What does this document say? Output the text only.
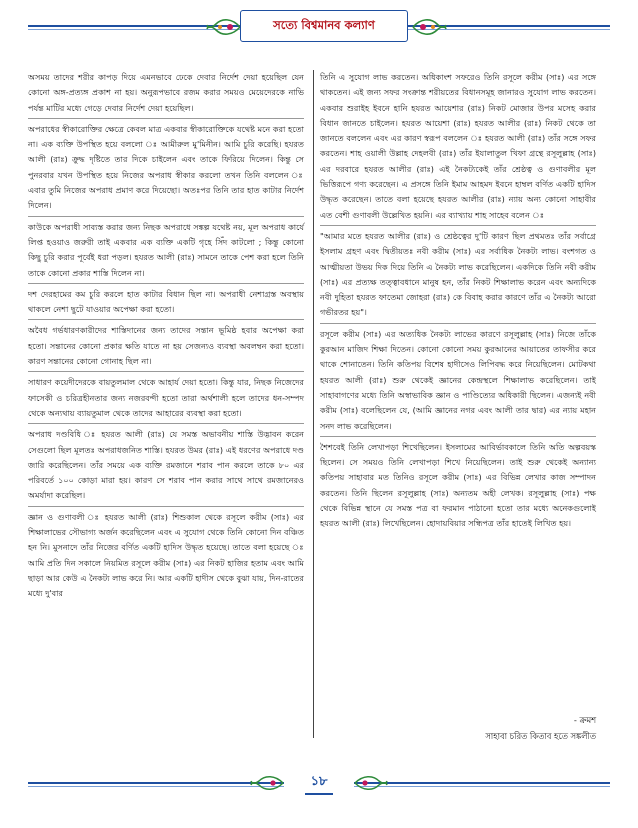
সত্যে বিশ্বমানব কল্যাণ

অসময় তাদের শরীর কাপড় দিয়ে এমনভাবে ঢেকে দেবার নির্দেশ দেয়া হয়েছিল যেন কোনো অঙ্গ-প্রত্যঙ্গ প্রকাশ না হয়। অনুরূপভাবে রজম করার সময়ও মেয়েদেরকে নাভি পর্যন্ত মাটির মধ্যে গেড়ে দেবার নির্দেশ দেয়া হয়েছিল।

অপরাধের স্বীকারোক্তির ক্ষেত্রে কেবল মাত্র একবার স্বীকারোক্তিকে যথেষ্ট মনে করা হতো না। এক ব্যক্তি উপস্থিত হয়ে বললো ঃ আমীরুল মু'মিনীন। আমি চুরি করেছি। হযরত আলী (রাঃ) ক্রুদ্ধ দৃষ্টিতে তার দিকে চাইলেন এবং তাকে ফিরিয়ে দিলেন। কিন্তু সে পুনরবার যখন উপস্থিত হয়ে নিজের অপরাধ স্বীকার করলো তখন তিনি বললেন ঃ এবার তুমি নিজের অপরাধ প্রমাণ করে দিয়েছো। অতঃপর তিনি তার হাত কাটার নির্দেশ দিলেন।

কাউকে অপরাধী সাব্যস্ত করার জন্য নিছক অপরাধে সঙ্কল্প যথেষ্ট নয়, মূল অপরাধ কার্যে লিপ্ত হওয়াও জরুরী তাই একবার এক ব্যক্তি একটি গৃহে সিঁদ কাটলো ; কিন্তু কোনো কিছু চুরি করার পূর্বেই ধরা পড়ল। হযরত আলী (রাঃ) সামনে তাকে পেশ করা হলে তিনি তাকে কোনো প্রকার শাস্তি দিলেন না।

দশ দেরহামের কম চুরি করলে হাত কাটার বিধান ছিল না। অপরাধী নেশাগ্রস্ত অবস্থায় থাকলে নেশা ছুটে যাওয়ার অপেক্ষা করা হতো।

অবৈধ গর্ভধারণকারীদের শাস্তিদানের জন্য তাদের সন্তান ভূমিষ্ঠ হবার অপেক্ষা করা হতো। সন্তানের কোনো প্রকার ক্ষতি যাতে না হয় সেজন্যও ব্যবস্থা অবলম্বন করা হতো। কারণ সন্তানের কোনো গোনাহ ছিল না।

সাধারণ কয়েদীদেরকে বায়তুলমাল থেকে আহার্য দেয়া হতো। কিন্তু যার, নিছক নিজেদের ফাসেকী ও চরিত্রহীনতার জন্য নজরবন্দী হতো তারা অর্থশালী হলে তাদের ধন-সম্পদ থেকে অন্যথায় ব্যায়তুমাল থেকে তাদের আহারের ব্যবস্থা করা হতো।

অপরাধ দণ্ডবিধি ঃ হযরত আলী (রাঃ) যে সমস্ত অভাবনীয় শাস্তি উদ্ভাবন করেন সেগুলো ছিল মূলতঃ অপরাধজনিত শাস্তি। হযরত উমর (রাঃ) এই ধরণের অপরাধে দণ্ড জারি করেছিলেন। তাঁর সময়ে এক ব্যক্তি রমজানে শরাব পান করলে তাকে ৮০ এর পরিবর্তে ১০০ কোড়া মারা হয়। কারণ সে শরাব পান করার সাথে সাথে রমজানেরও অমর্যাদা করেছিল।

জ্ঞান ও গুণাবলী ঃ হযরত আলী (রাঃ) শিশুকাল থেকে রসূলে করীম (সাঃ) এর শিক্ষালাভের সৌভাগ্য অর্জন করেছিলেন এবং এ সুযোগ থেকে তিনি কোনো দিন বঞ্চিত হন নি। মুসনাদে তাঁর নিজের বর্ণিত একটি হাদিস উদ্ধৃত হয়েছে। তাতে বলা হয়েছে ঃ আমি প্রতি দিন সকালে নিয়মিত রসূলে করীম (সাঃ) এর নিকট হাজির হতাম এবং আমি ছাড়া আর কেউ এ নৈকট্য লাভ করে নি। আর একটি হাদীস থেকে বুঝা যায়, দিন-রাতের মধ্যে দু'বার

তিনি এ সুযোগ লাভ করতেন। অধিকাংশ সফরেও তিনি রসূলে করীম (সাঃ) এর সঙ্গে থাকতেন। এই জন্য সফর সংক্রান্ত শরীয়তের বিধানসমূহ জানারও সুযোগ লাভ করতেন। একবার শুরাইহ ইবনে হানি হযরত আয়েশার (রাঃ) নিকট মোজার উপর মসেহ করার বিধান জানতে চাইলেন। হযরত আয়েশা (রাঃ) হযরত আলীর (রাঃ) নিকট থেকে তা জানতে বললেন এবং এর কারণ স্বরূপ বললেন ঃ হযরত আলী (রাঃ) তাঁর সঙ্গে সফর করতেন। শাহ ওয়ালী উল্লাহ দেহলবী (রাঃ) তাঁর ইযালাতুল খিফা গ্রন্থে রসূলুল্লাহ (সাঃ) এর দরবারে হযরত আলীর (রাঃ) এই নৈকট্যকেই তাঁর শ্রেষ্ঠত্ব ও গুণাবলীর মূল ভিত্তিরূপে গণ্য করেছেন। এ প্রসঙ্গে তিনি ইমাম আহমদ ইবনে হাম্বল বর্ণিত একটি হাদিস উদ্ধৃত করেছেন। তাতে বলা হয়েছে হযরত আলীর (রাঃ) ন্যায় অন্য কোনো সাহাবীর এত বেশী গুণাবলী উল্লেখিত হয়নি। এর ব্যাখ্যায় শাহ সাহেব বলেন ঃ

"আমার মতে হযরত আলীর (রাঃ) ও শ্রেষ্ঠত্বের দু'টি কারণ ছিল প্রথমতঃ তাঁর সর্বাগ্রে ইসলাম গ্রহণ এবং দ্বিতীয়তঃ নবী করীম (সাঃ) এর সর্বাধিক নৈকট্য লাভ। বংশগত ও আত্মীয়তা উভয় দিক দিয়ে তিনি এ নৈকট্য লাভ করেছিলেন। একদিকে তিনি নবী করীম (সাঃ) এর প্রত্যক্ষ তত্ত্বাবধানে মানুষ হন, তাঁর নিকট শিক্ষালাভ করেন এবং অন্যদিকে নবী দুহিতা হযরত ফাতেমা জোহরা (রাঃ) কে বিবাহ করার কারণে তাঁর এ নৈকট্য আরো গভীরতর হয়"।

রসূলে করীম (সাঃ) এর অত্যধিক নৈকট্য লাভের কারণে রসূলুল্লাহ (সাঃ) নিজে তাঁকে কুরআন মাজিদ শিক্ষা দিতেন। কোনো কোনো সময় কুরআনের আয়াতের তাফসীর করে থাকে শোনাতেন। তিনি কতিপয় বিশেষ হাদীসেও লিপিবদ্ধ করে নিয়েছিলেন। মোটকথা হযরত আলী (রাঃ) শুরু থেকেই জ্ঞানের কেন্দ্রস্থলে শিক্ষালাভ করেছিলেন। তাই সাহাবাগণের মধ্যে তিনি অস্বাভাবিক জ্ঞান ও পাণ্ডিত্যের অধিকারী ছিলেন। এজন্যই নবী করীম (সাঃ) বলেছিলেন যে, (আমি জ্ঞানের নগর এবং আলী তার দ্বার) এর ন্যায় মহান সনদ লাভ করেছিলেন।

শৈশবেই তিনি লেখাপড়া শিখেছিলেন। ইসলামের আবির্ভাবকালে তিনি অতি অল্পবয়স্ক ছিলেন। সে সময়ও তিনি লেখাপড়া শিখে নিয়েছিলেন। তাই শুরু থেকেই অন্যান্য কতিপয় সাহাবার মত তিনিও রসূলে করীম (সাঃ) এর বিভিন্ন লেখার কাজ সম্পাদন করতেন। তিনি ছিলেন রসূলুল্লাহ (সাঃ) অন্যতম অহী লেখক। রসূলুল্লাহ (সাঃ) পক্ষ থেকে বিভিন্ন স্থানে যে সমস্ত পত্র বা ফরমান পাঠানো হতো তার মধ্যে অনেকগুলোই হযরত আলী (রাঃ) লিখেছিলেন। হোদায়বিয়ার সন্ধিপত্র তাঁর হাতেই লিখিত হয়।

- ক্রমশ
সাহাবা চরিত কিতাব হতে সঙ্কলীত
১৮
